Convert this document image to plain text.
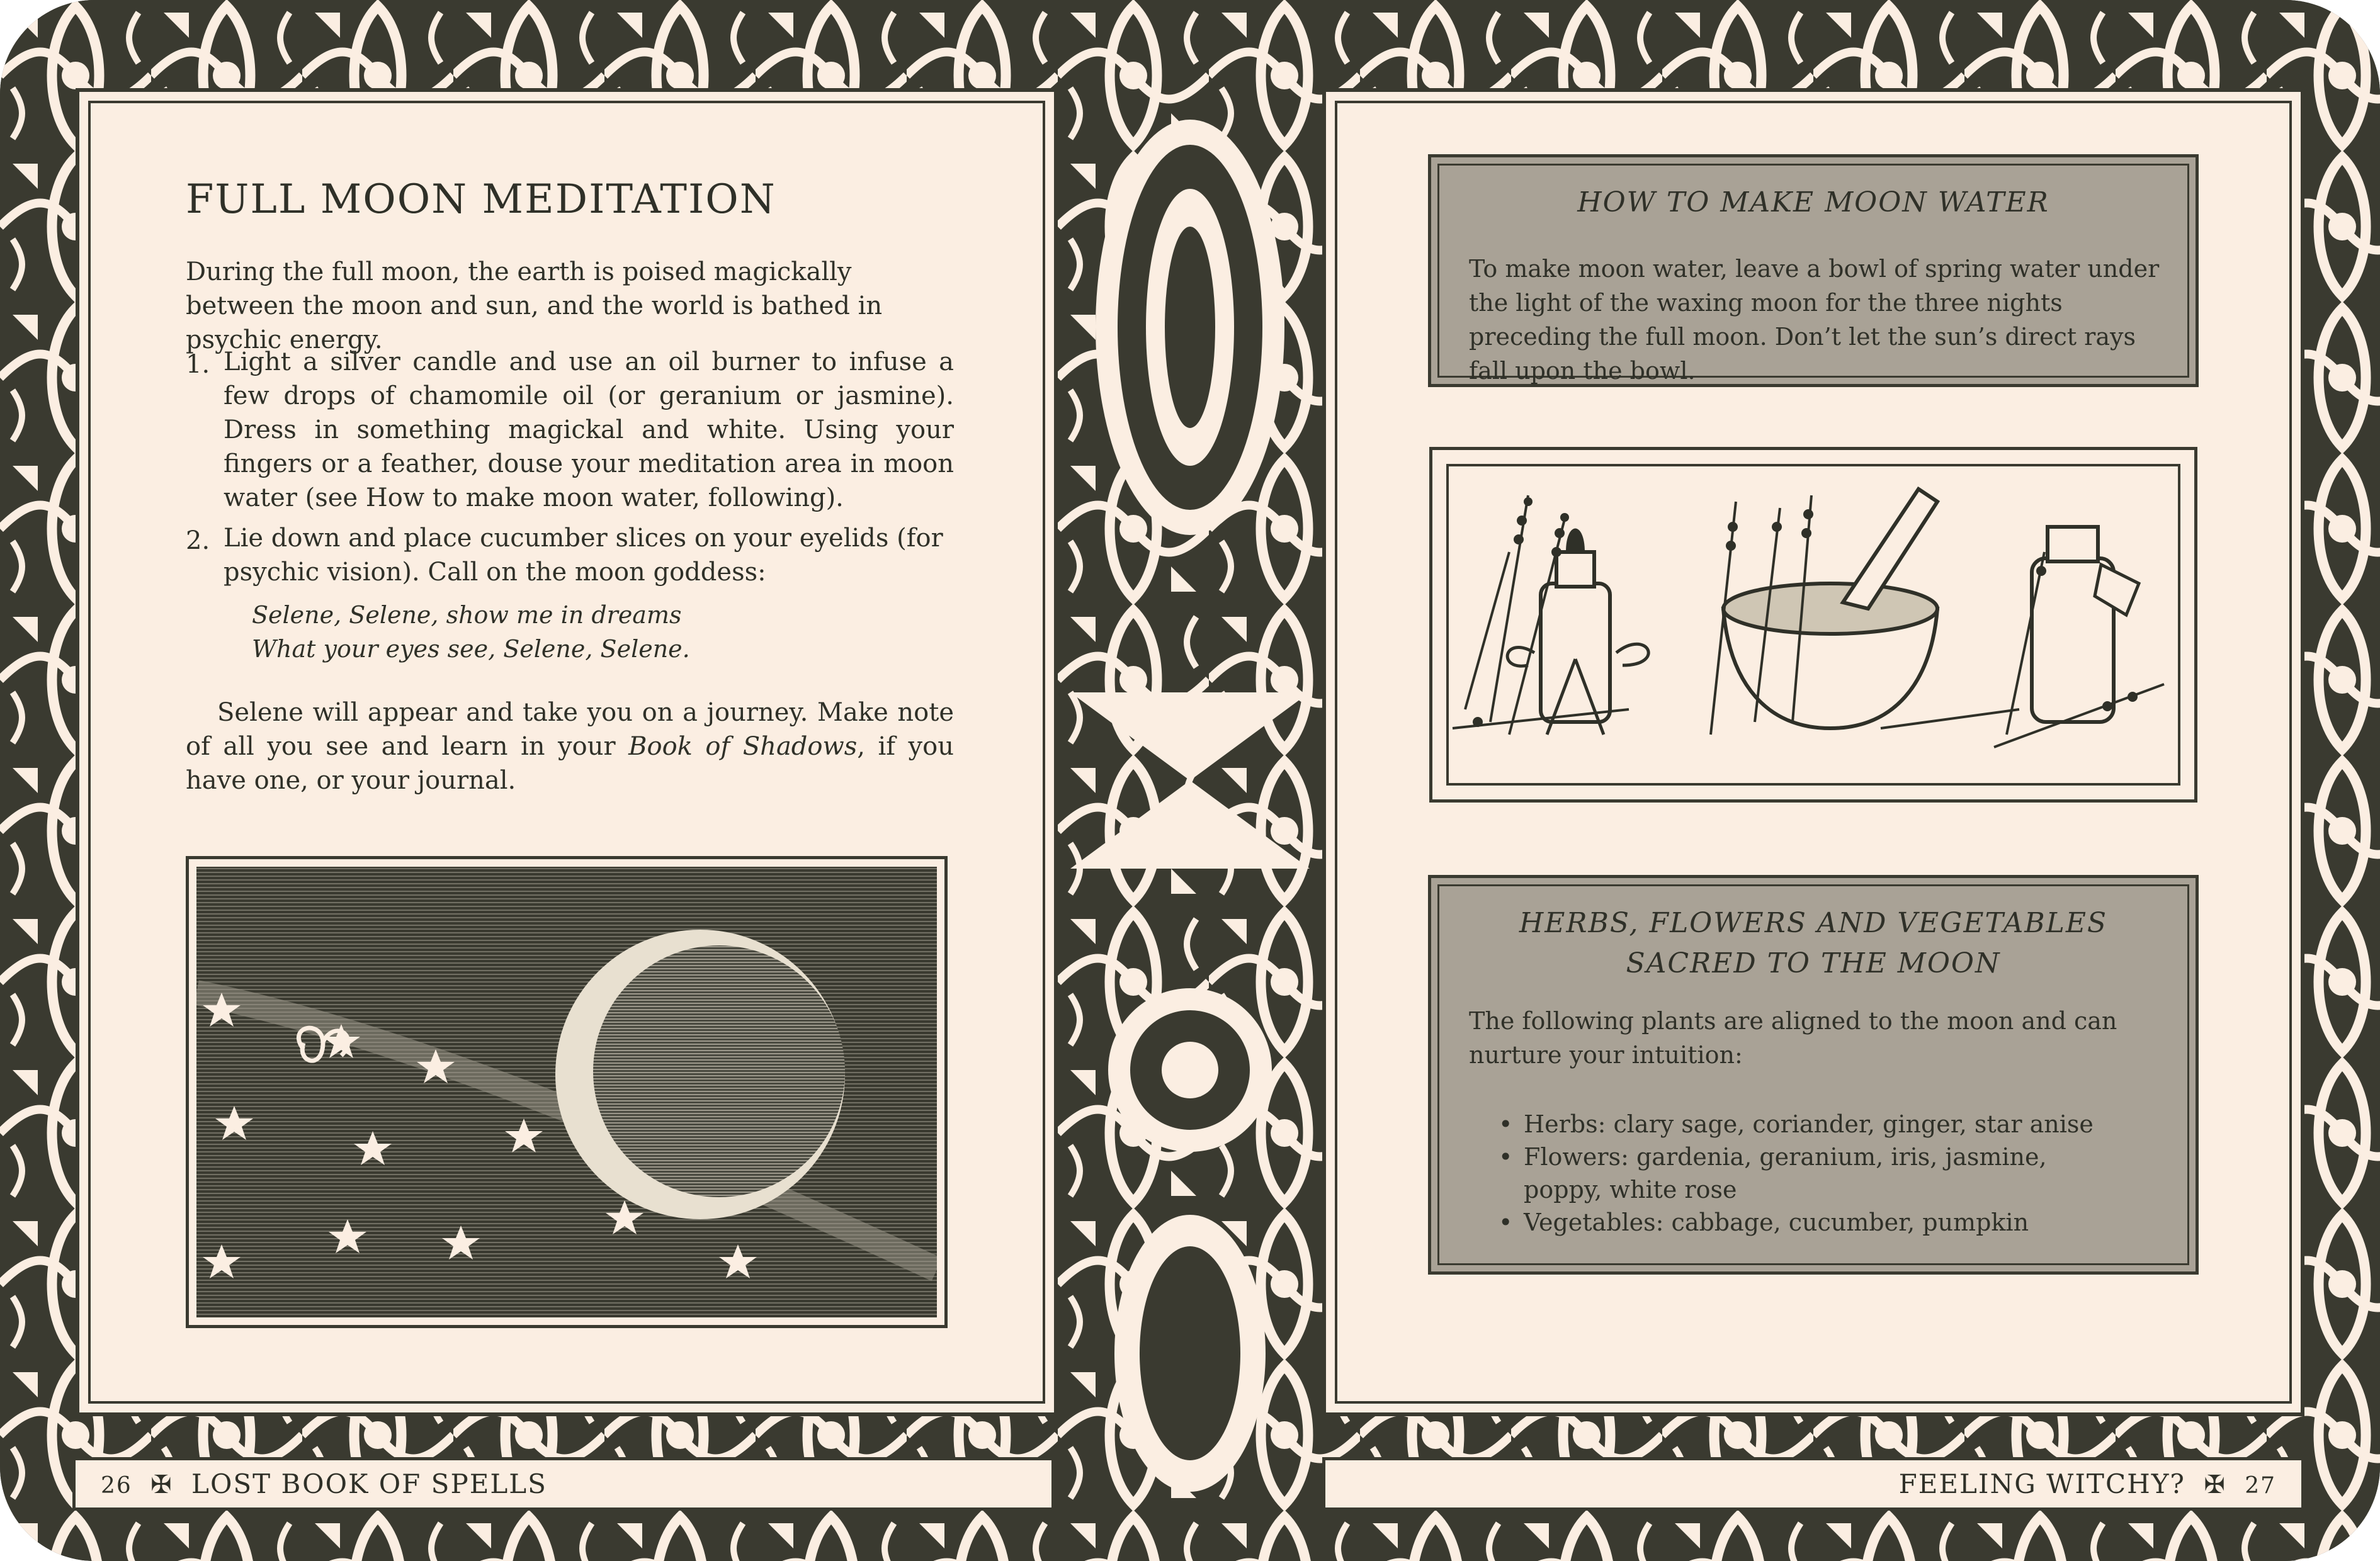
FULL MOON MEDITATION
During the full moon, the earth is poised magickally between the moon and sun, and the world is bathed in psychic energy.
1. Light a silver candle and use an oil burner to infuse a few drops of chamomile oil (or geranium or jasmine). Dress in something magickal and white. Using your fingers or a feather, douse your meditation area in moon water (see How to make moon water, following).
2. Lie down and place cucumber slices on your eyelids (for psychic vision). Call on the moon goddess:
Selene, Selene, show me in dreams
What your eyes see, Selene, Selene.
Selene will appear and take you on a journey. Make note of all you see and learn in your Book of Shadows, if you have one, or your journal.
HOW TO MAKE MOON WATER
To make moon water, leave a bowl of spring water under the light of the waxing moon for the three nights preceding the full moon. Don’t let the sun’s direct rays fall upon the bowl.
HERBS, FLOWERS AND VEGETABLES
SACRED TO THE MOON
The following plants are aligned to the moon and can nurture your intuition:
• Herbs: clary sage, coriander, ginger, star anise
• Flowers: gardenia, geranium, iris, jasmine, poppy, white rose
• Vegetables: cabbage, cucumber, pumpkin
26 ✠ LOST BOOK OF SPELLS	FEELING WITCHY? ✠ 27
